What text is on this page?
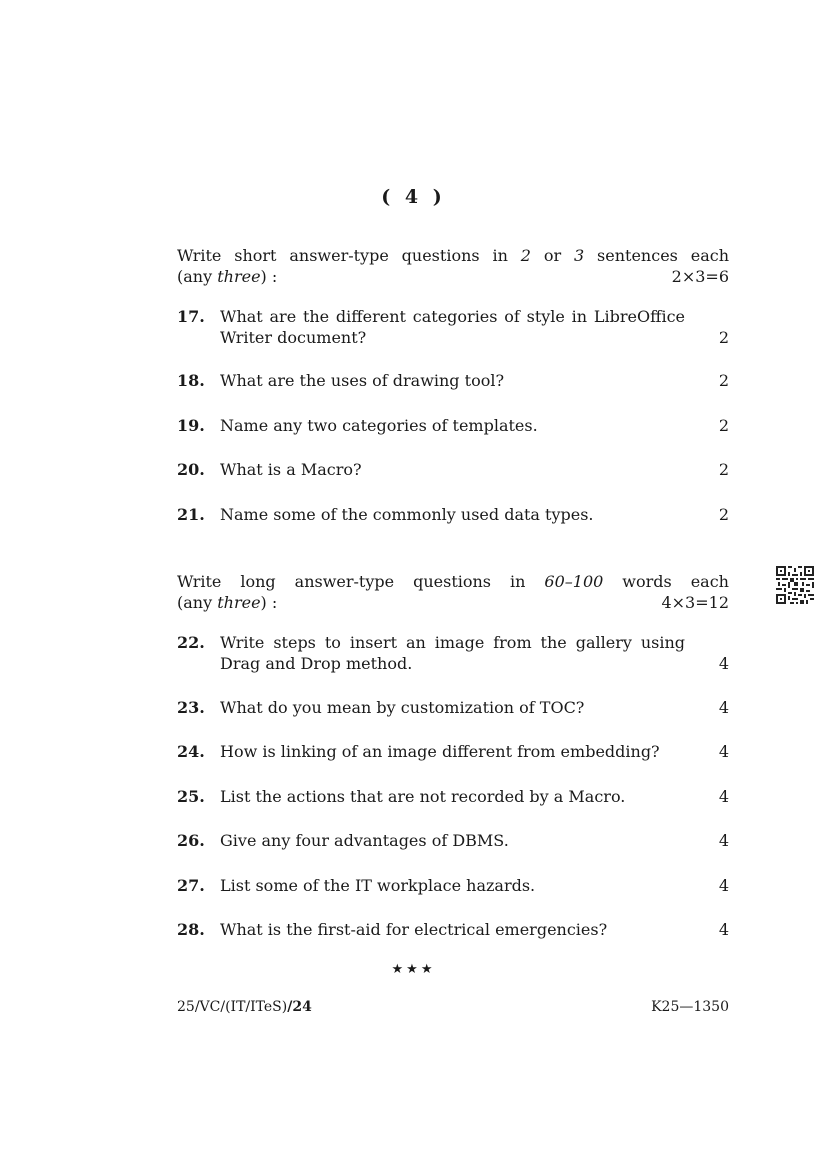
( 4 )
Write short answer-type questions in 2 or 3 sentences each
(any three) :	2×3=6
17. What are the different categories of style in LibreOffice Writer document?	2
18. What are the uses of drawing tool?	2
19. Name any two categories of templates.	2
20. What is a Macro?	2
21. Name some of the commonly used data types.	2
Write long answer-type questions in 60–100 words each
(any three) :	4×3=12
22. Write steps to insert an image from the gallery using Drag and Drop method.	4
23. What do you mean by customization of TOC?	4
24. How is linking of an image different from embedding?	4
25. List the actions that are not recorded by a Macro.	4
26. Give any four advantages of DBMS.	4
27. List some of the IT workplace hazards.	4
28. What is the first-aid for electrical emergencies?	4
★★★
25/VC/(IT/ITeS)/24	K25—1350
